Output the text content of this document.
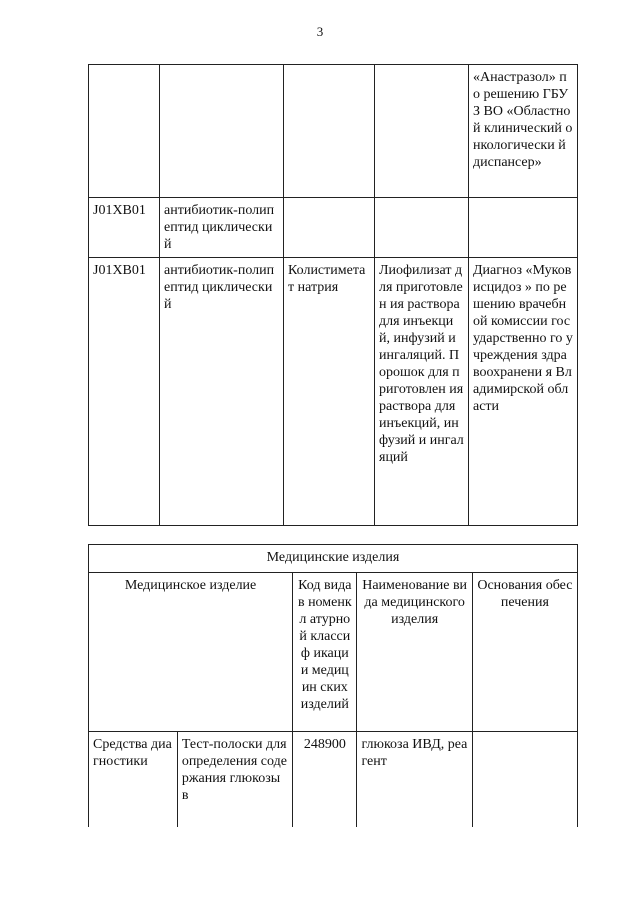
3
				«Анастразол» по решению ГБУЗ ВО «Областной клинический онкологически й диспансер»
J01XB01	антибиотик-полипептид циклический			
J01XB01	антибиотик-полипептид циклический	Колистимета т натрия	Лиофилизат для приготовлен ия раствора для инъекций, инфузий и ингаляций. Порошок для приготовлен ия раствора для инъекций, инфузий и ингаляций	Диагноз «Муковисцидоз » по решению врачебной комиссии государственно го учреждения здравоохранени я Владимирской области
Медицинские изделия				
Медицинское изделие		Код вида в номенкл атурной классиф икации медицин ских изделий	Наименование вида медицинского изделия	Основания обеспечения
Средства диагностики	Тест-полоски для определения содержания глюкозы в	248900	глюкоза ИВД, реагент	
